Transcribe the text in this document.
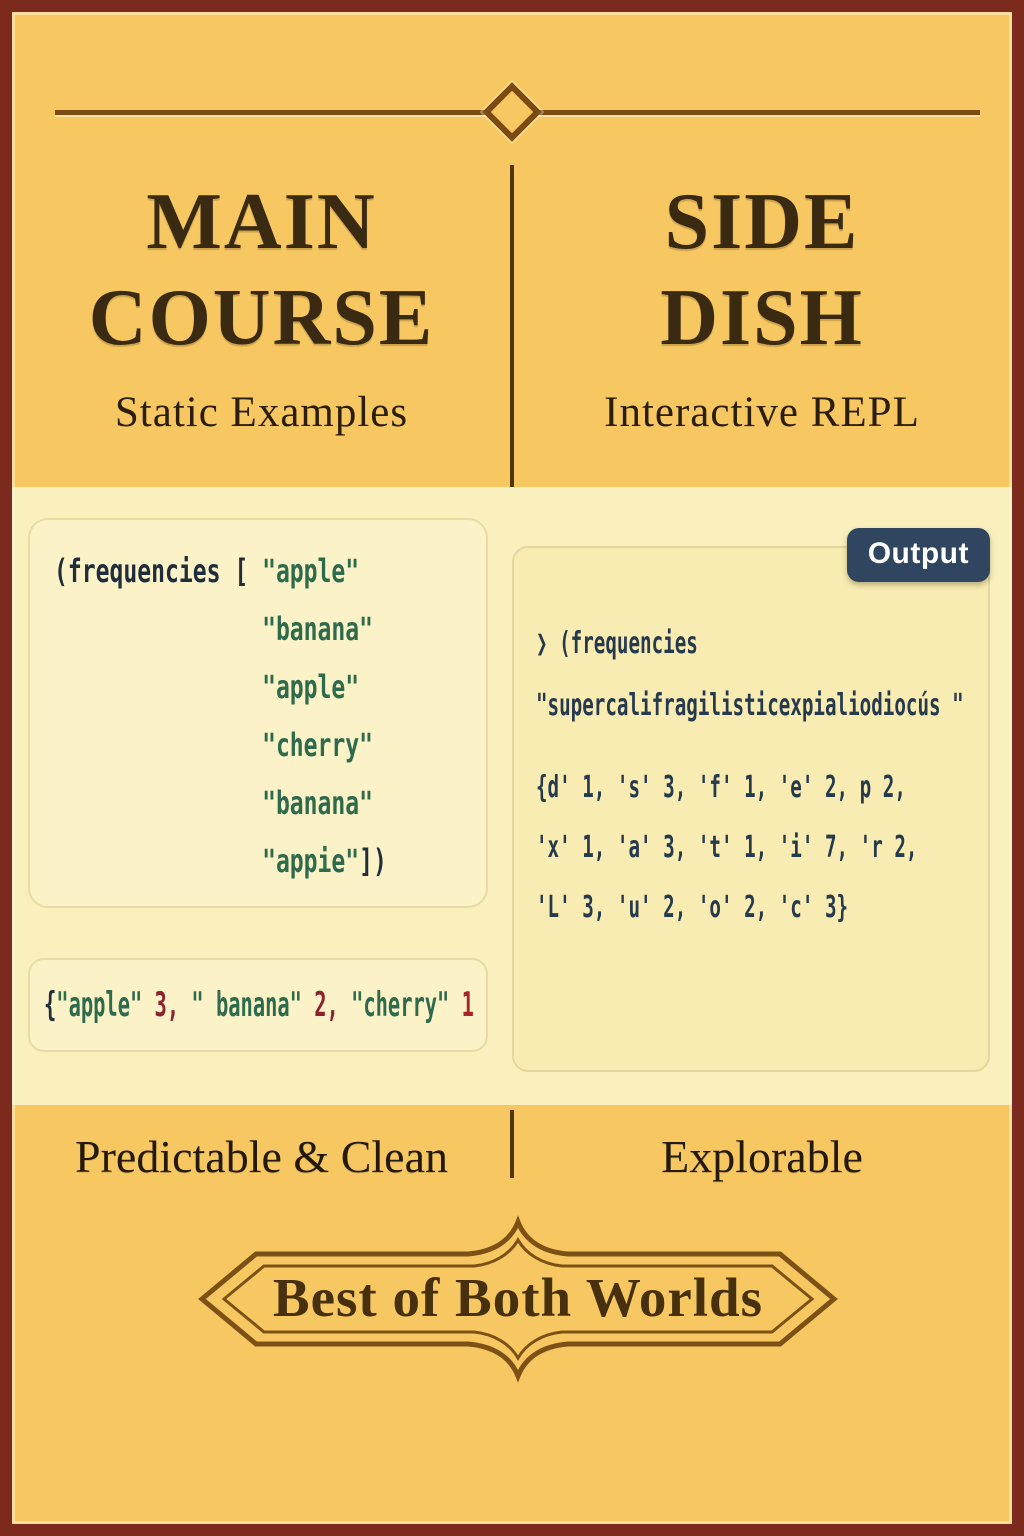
MAIN
COURSE
Static Examples
SIDE
DISH
Interactive REPL
(frequencies [ "apple"
"banana"
"apple"
"cherry"
"banana"
"appie"])
{"apple" 3, " banana" 2, "cherry" 1
Output
❯ (frequencies
"supercalifragilisticexpialiodiocús "
{d' 1, 's' 3, 'f' 1, 'e' 2, p 2,
'x' 1, 'a' 3, 't' 1, 'i' 7, 'r 2,
'L' 3, 'u' 2, 'o' 2, 'c' 3}
Predictable & Clean	Explorable
Best of Both Worlds
